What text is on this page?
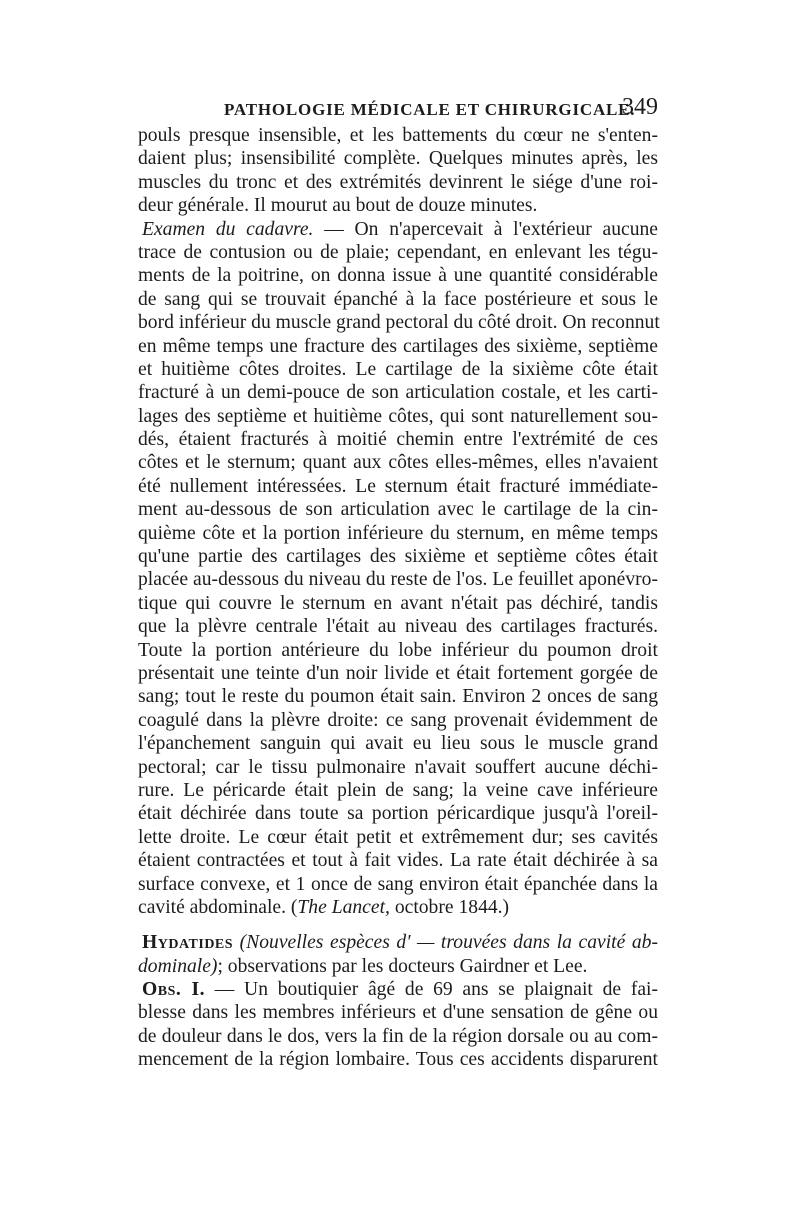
PATHOLOGIE MÉDICALE ET CHIRURGICALE.
349
pouls presque insensible, et les battements du cœur ne s'enten-
daient plus; insensibilité complète. Quelques minutes après, les
muscles du tronc et des extrémités devinrent le siége d'une roi-
deur générale. Il mourut au bout de douze minutes.
Examen du cadavre. — On n'apercevait à l'extérieur aucune
trace de contusion ou de plaie; cependant, en enlevant les tégu-
ments de la poitrine, on donna issue à une quantité considérable
de sang qui se trouvait épanché à la face postérieure et sous le
bord inférieur du muscle grand pectoral du côté droit. On reconnut
en même temps une fracture des cartilages des sixième, septième
et huitième côtes droites. Le cartilage de la sixième côte était
fracturé à un demi-pouce de son articulation costale, et les carti-
lages des septième et huitième côtes, qui sont naturellement sou-
dés, étaient fracturés à moitié chemin entre l'extrémité de ces
côtes et le sternum; quant aux côtes elles-mêmes, elles n'avaient
été nullement intéressées. Le sternum était fracturé immédiate-
ment au-dessous de son articulation avec le cartilage de la cin-
quième côte et la portion inférieure du sternum, en même temps
qu'une partie des cartilages des sixième et septième côtes était
placée au-dessous du niveau du reste de l'os. Le feuillet aponévro-
tique qui couvre le sternum en avant n'était pas déchiré, tandis
que la plèvre centrale l'était au niveau des cartilages fracturés.
Toute la portion antérieure du lobe inférieur du poumon droit
présentait une teinte d'un noir livide et était fortement gorgée de
sang; tout le reste du poumon était sain. Environ 2 onces de sang
coagulé dans la plèvre droite: ce sang provenait évidemment de
l'épanchement sanguin qui avait eu lieu sous le muscle grand
pectoral; car le tissu pulmonaire n'avait souffert aucune déchi-
rure. Le péricarde était plein de sang; la veine cave inférieure
était déchirée dans toute sa portion péricardique jusqu'à l'oreil-
lette droite. Le cœur était petit et extrêmement dur; ses cavités
étaient contractées et tout à fait vides. La rate était déchirée à sa
surface convexe, et 1 once de sang environ était épanchée dans la
cavité abdominale. (The Lancet, octobre 1844.)
Hydatides (Nouvelles espèces d' — trouvées dans la cavité ab-
dominale); observations par les docteurs Gairdner et Lee.
Obs. I. — Un boutiquier âgé de 69 ans se plaignait de fai-
blesse dans les membres inférieurs et d'une sensation de gêne ou
de douleur dans le dos, vers la fin de la région dorsale ou au com-
mencement de la région lombaire. Tous ces accidents disparurent
